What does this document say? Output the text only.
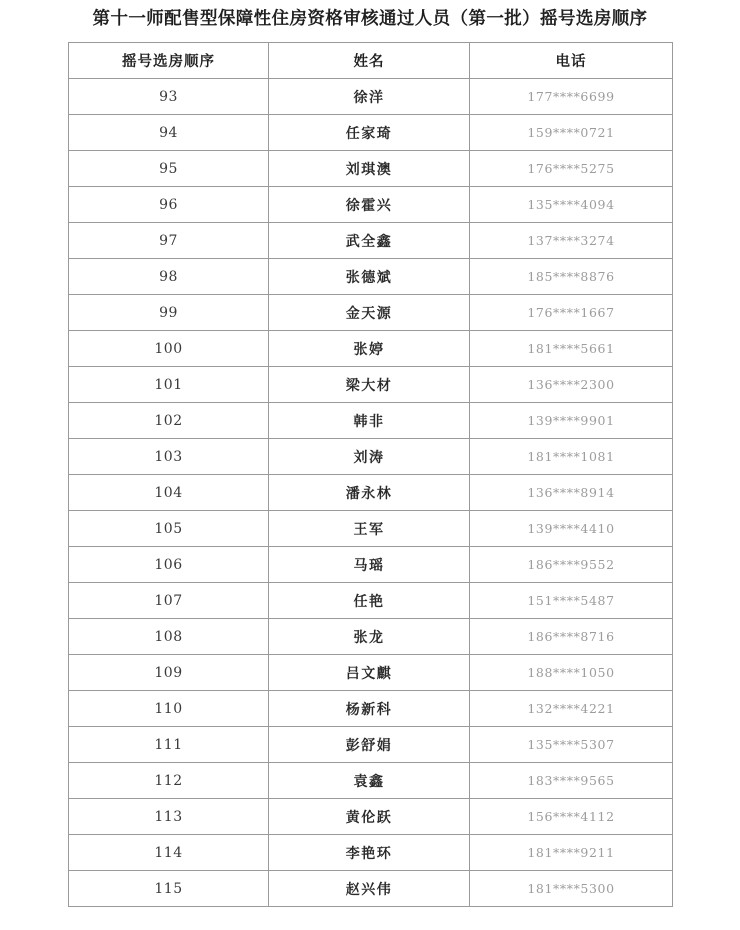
第十一师配售型保障性住房资格审核通过人员（第一批）摇号选房顺序
摇号选房顺序	姓名	电话
93	徐洋	177****6699
94	任家琦	159****0721
95	刘琪澳	176****5275
96	徐霍兴	135****4094
97	武全鑫	137****3274
98	张德斌	185****8876
99	金天源	176****1667
100	张婷	181****5661
101	梁大材	136****2300
102	韩非	139****9901
103	刘涛	181****1081
104	潘永林	136****8914
105	王军	139****4410
106	马瑶	186****9552
107	任艳	151****5487
108	张龙	186****8716
109	吕文麒	188****1050
110	杨新科	132****4221
111	彭舒娟	135****5307
112	袁鑫	183****9565
113	黄伦跃	156****4112
114	李艳环	181****9211
115	赵兴伟	181****5300
